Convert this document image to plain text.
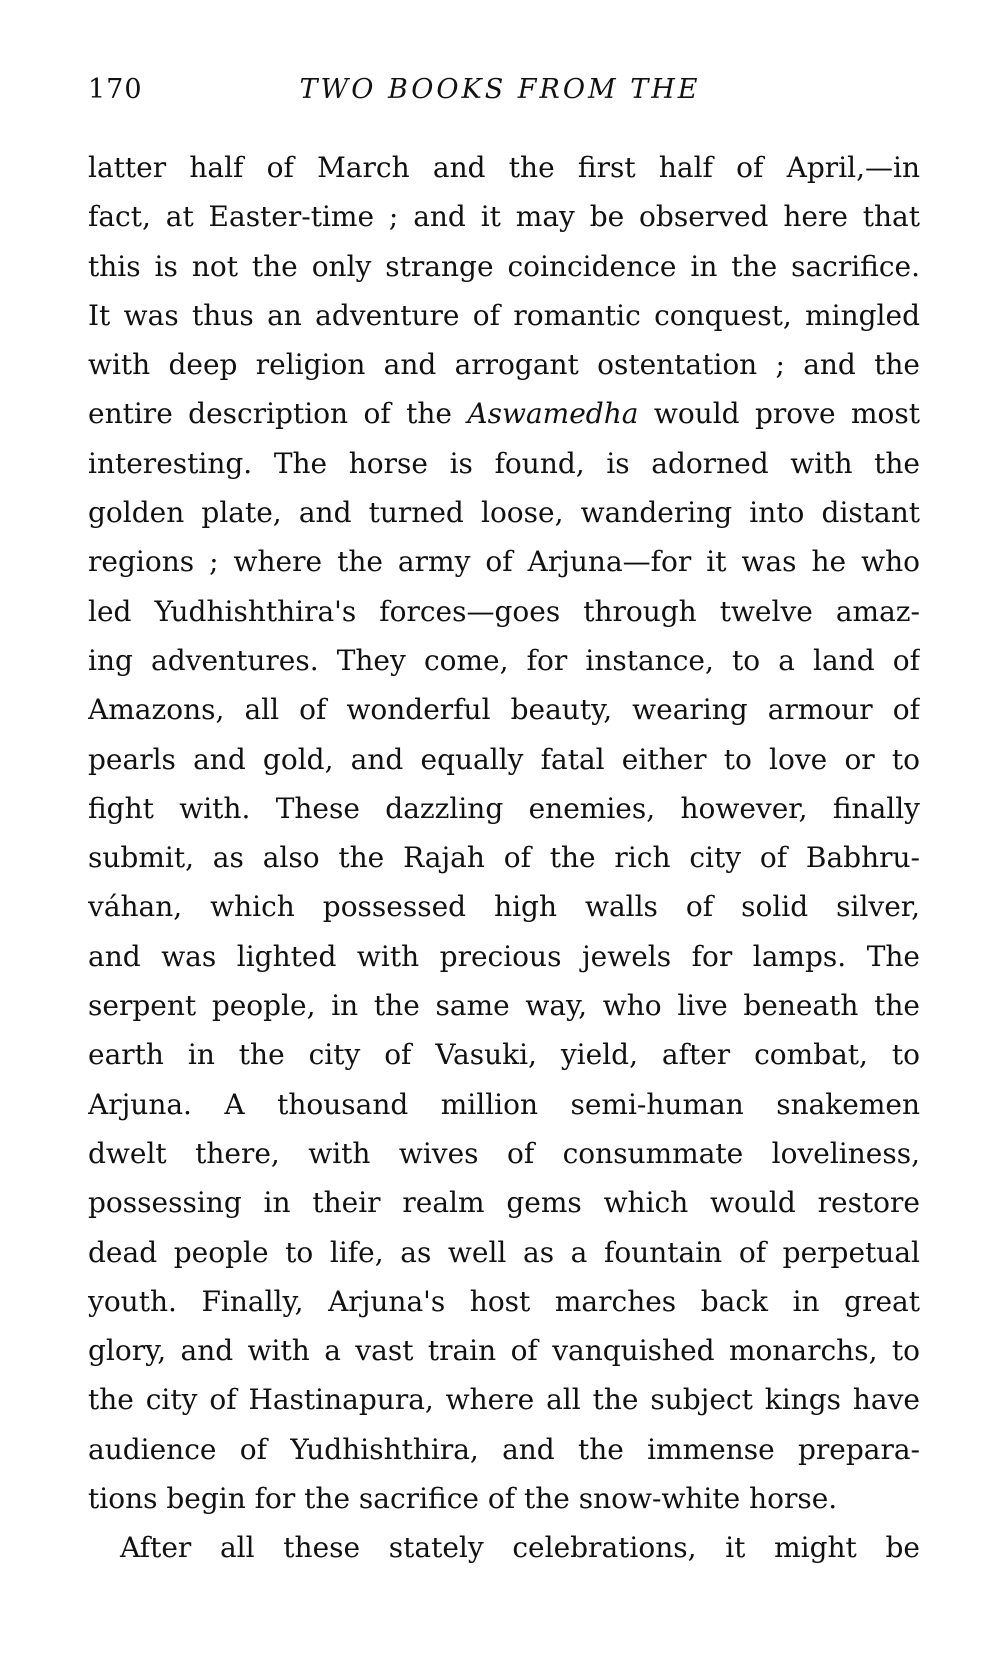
170	TWO BOOKS FROM THE
latter half of March and the first half of April,—in
fact, at Easter-time ; and it may be observed here that
this is not the only strange coincidence in the sacrifice.
It was thus an adventure of romantic conquest, mingled
with deep religion and arrogant ostentation ; and the
entire description of the Aswamedha would prove most
interesting. The horse is found, is adorned with the
golden plate, and turned loose, wandering into distant
regions ; where the army of Arjuna—for it was he who
led Yudhishthira's forces—goes through twelve amaz-
ing adventures. They come, for instance, to a land of
Amazons, all of wonderful beauty, wearing armour of
pearls and gold, and equally fatal either to love or to
fight with. These dazzling enemies, however, finally
submit, as also the Rajah of the rich city of Babhru-
váhan, which possessed high walls of solid silver,
and was lighted with precious jewels for lamps. The
serpent people, in the same way, who live beneath the
earth in the city of Vasuki, yield, after combat, to
Arjuna. A thousand million semi-human snakemen
dwelt there, with wives of consummate loveliness,
possessing in their realm gems which would restore
dead people to life, as well as a fountain of perpetual
youth. Finally, Arjuna's host marches back in great
glory, and with a vast train of vanquished monarchs, to
the city of Hastinapura, where all the subject kings have
audience of Yudhishthira, and the immense prepara-
tions begin for the sacrifice of the snow-white horse.
After all these stately celebrations, it might be
